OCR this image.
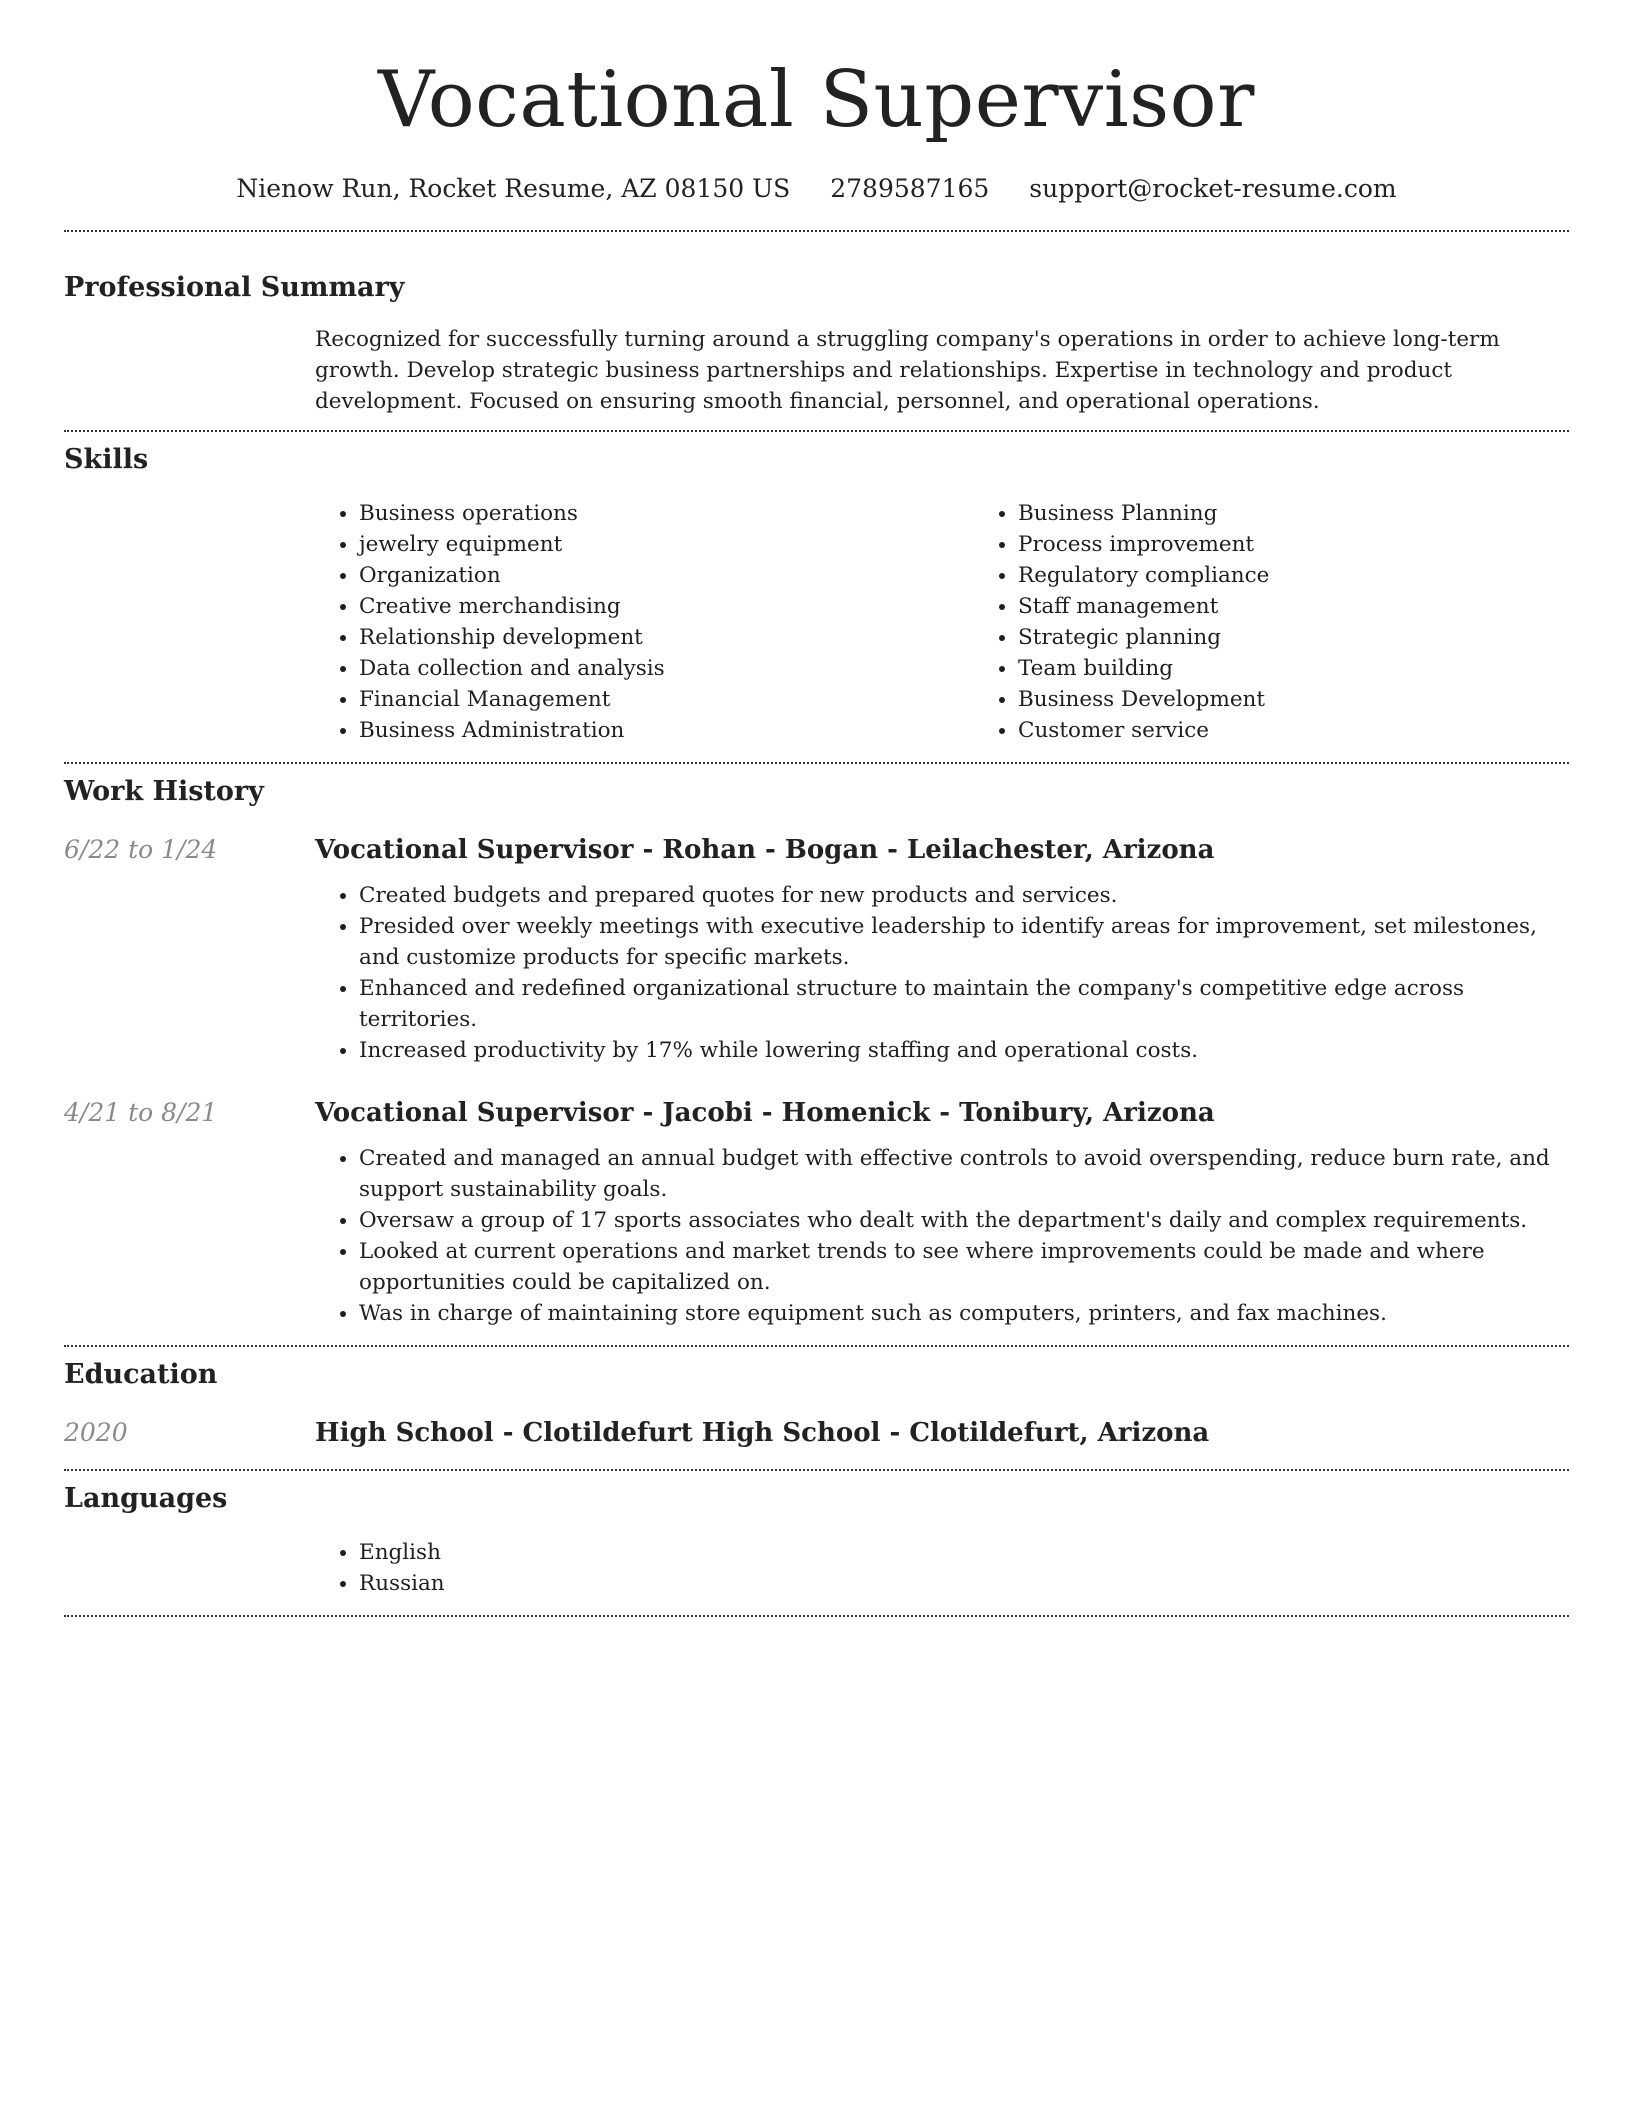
Vocational Supervisor
Nienow Run, Rocket Resume, AZ 08150 US 2789587165 support@rocket-resume.com
Professional Summary

Recognized for successfully turning around a struggling company's operations in order to achieve long-term growth. Develop strategic business partnerships and relationships. Expertise in technology and product development. Focused on ensuring smooth financial, personnel, and operational operations.

Skills
• Business operations
• jewelry equipment
• Organization
• Creative merchandising
• Relationship development
• Data collection and analysis
• Financial Management
• Business Administration
• Business Planning
• Process improvement
• Regulatory compliance
• Staff management
• Strategic planning
• Team building
• Business Development
• Customer service
Work History
6/22 to 1/24	Vocational Supervisor - Rohan - Bogan - Leilachester, Arizona
• Created budgets and prepared quotes for new products and services.
• Presided over weekly meetings with executive leadership to identify areas for improvement, set milestones, and customize products for specific markets.
• Enhanced and redefined organizational structure to maintain the company's competitive edge across territories.
• Increased productivity by 17% while lowering staffing and operational costs.
4/21 to 8/21	Vocational Supervisor - Jacobi - Homenick - Tonibury, Arizona
• Created and managed an annual budget with effective controls to avoid overspending, reduce burn rate, and support sustainability goals.
• Oversaw a group of 17 sports associates who dealt with the department's daily and complex requirements.
• Looked at current operations and market trends to see where improvements could be made and where opportunities could be capitalized on.
• Was in charge of maintaining store equipment such as computers, printers, and fax machines.
Education
2020	High School - Clotildefurt High School - Clotildefurt, Arizona
Languages
• English
• Russian
